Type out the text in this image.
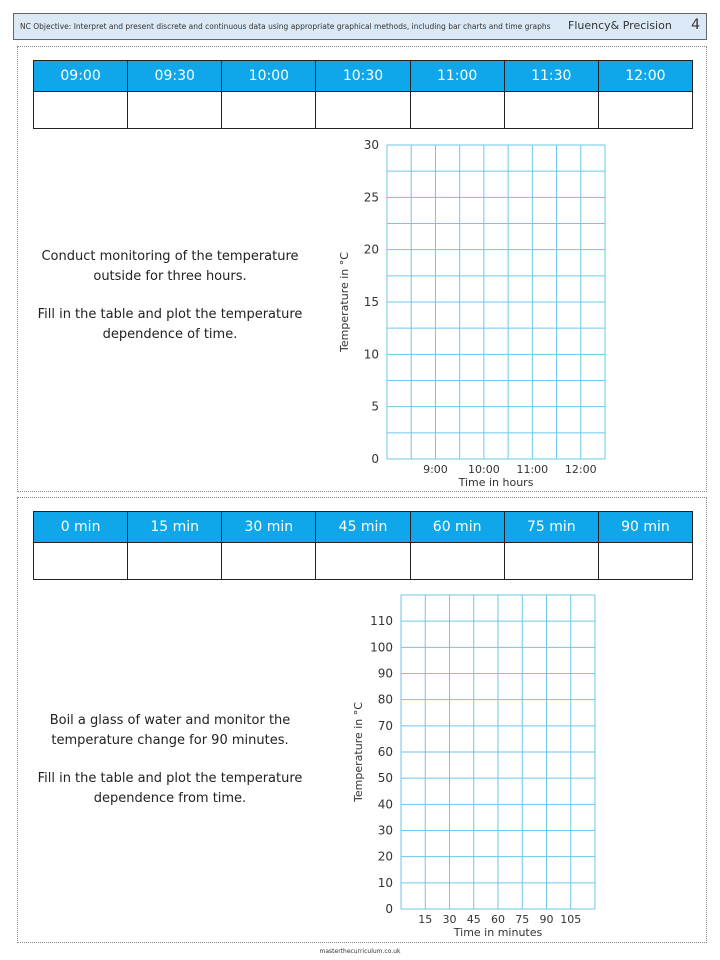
NC Objective: Interpret and present discrete and continuous data using appropriate graphical methods, including bar charts and time graphs Fluency& Precision 4
09:00	09:30	10:00	10:30	11:00	11:30	12:00

Conduct monitoring of the temperature outside for three hours.

Fill in the table and plot the temperature dependence of time.

0
5
10
15
20
25
30
9:00 10:00 11:00 12:00
Time in hours
Temperature in °C
0 min	15 min	30 min	45 min	60 min	75 min	90 min

Boil a glass of water and monitor the temperature change for 90 minutes.

Fill in the table and plot the temperature dependence from time.

0
10
20
30
40
50
60
70
80
90
100
110
15 30 45 60 75 90 105
Time in minutes
Temperature in °C
masterthecurriculum.co.uk
